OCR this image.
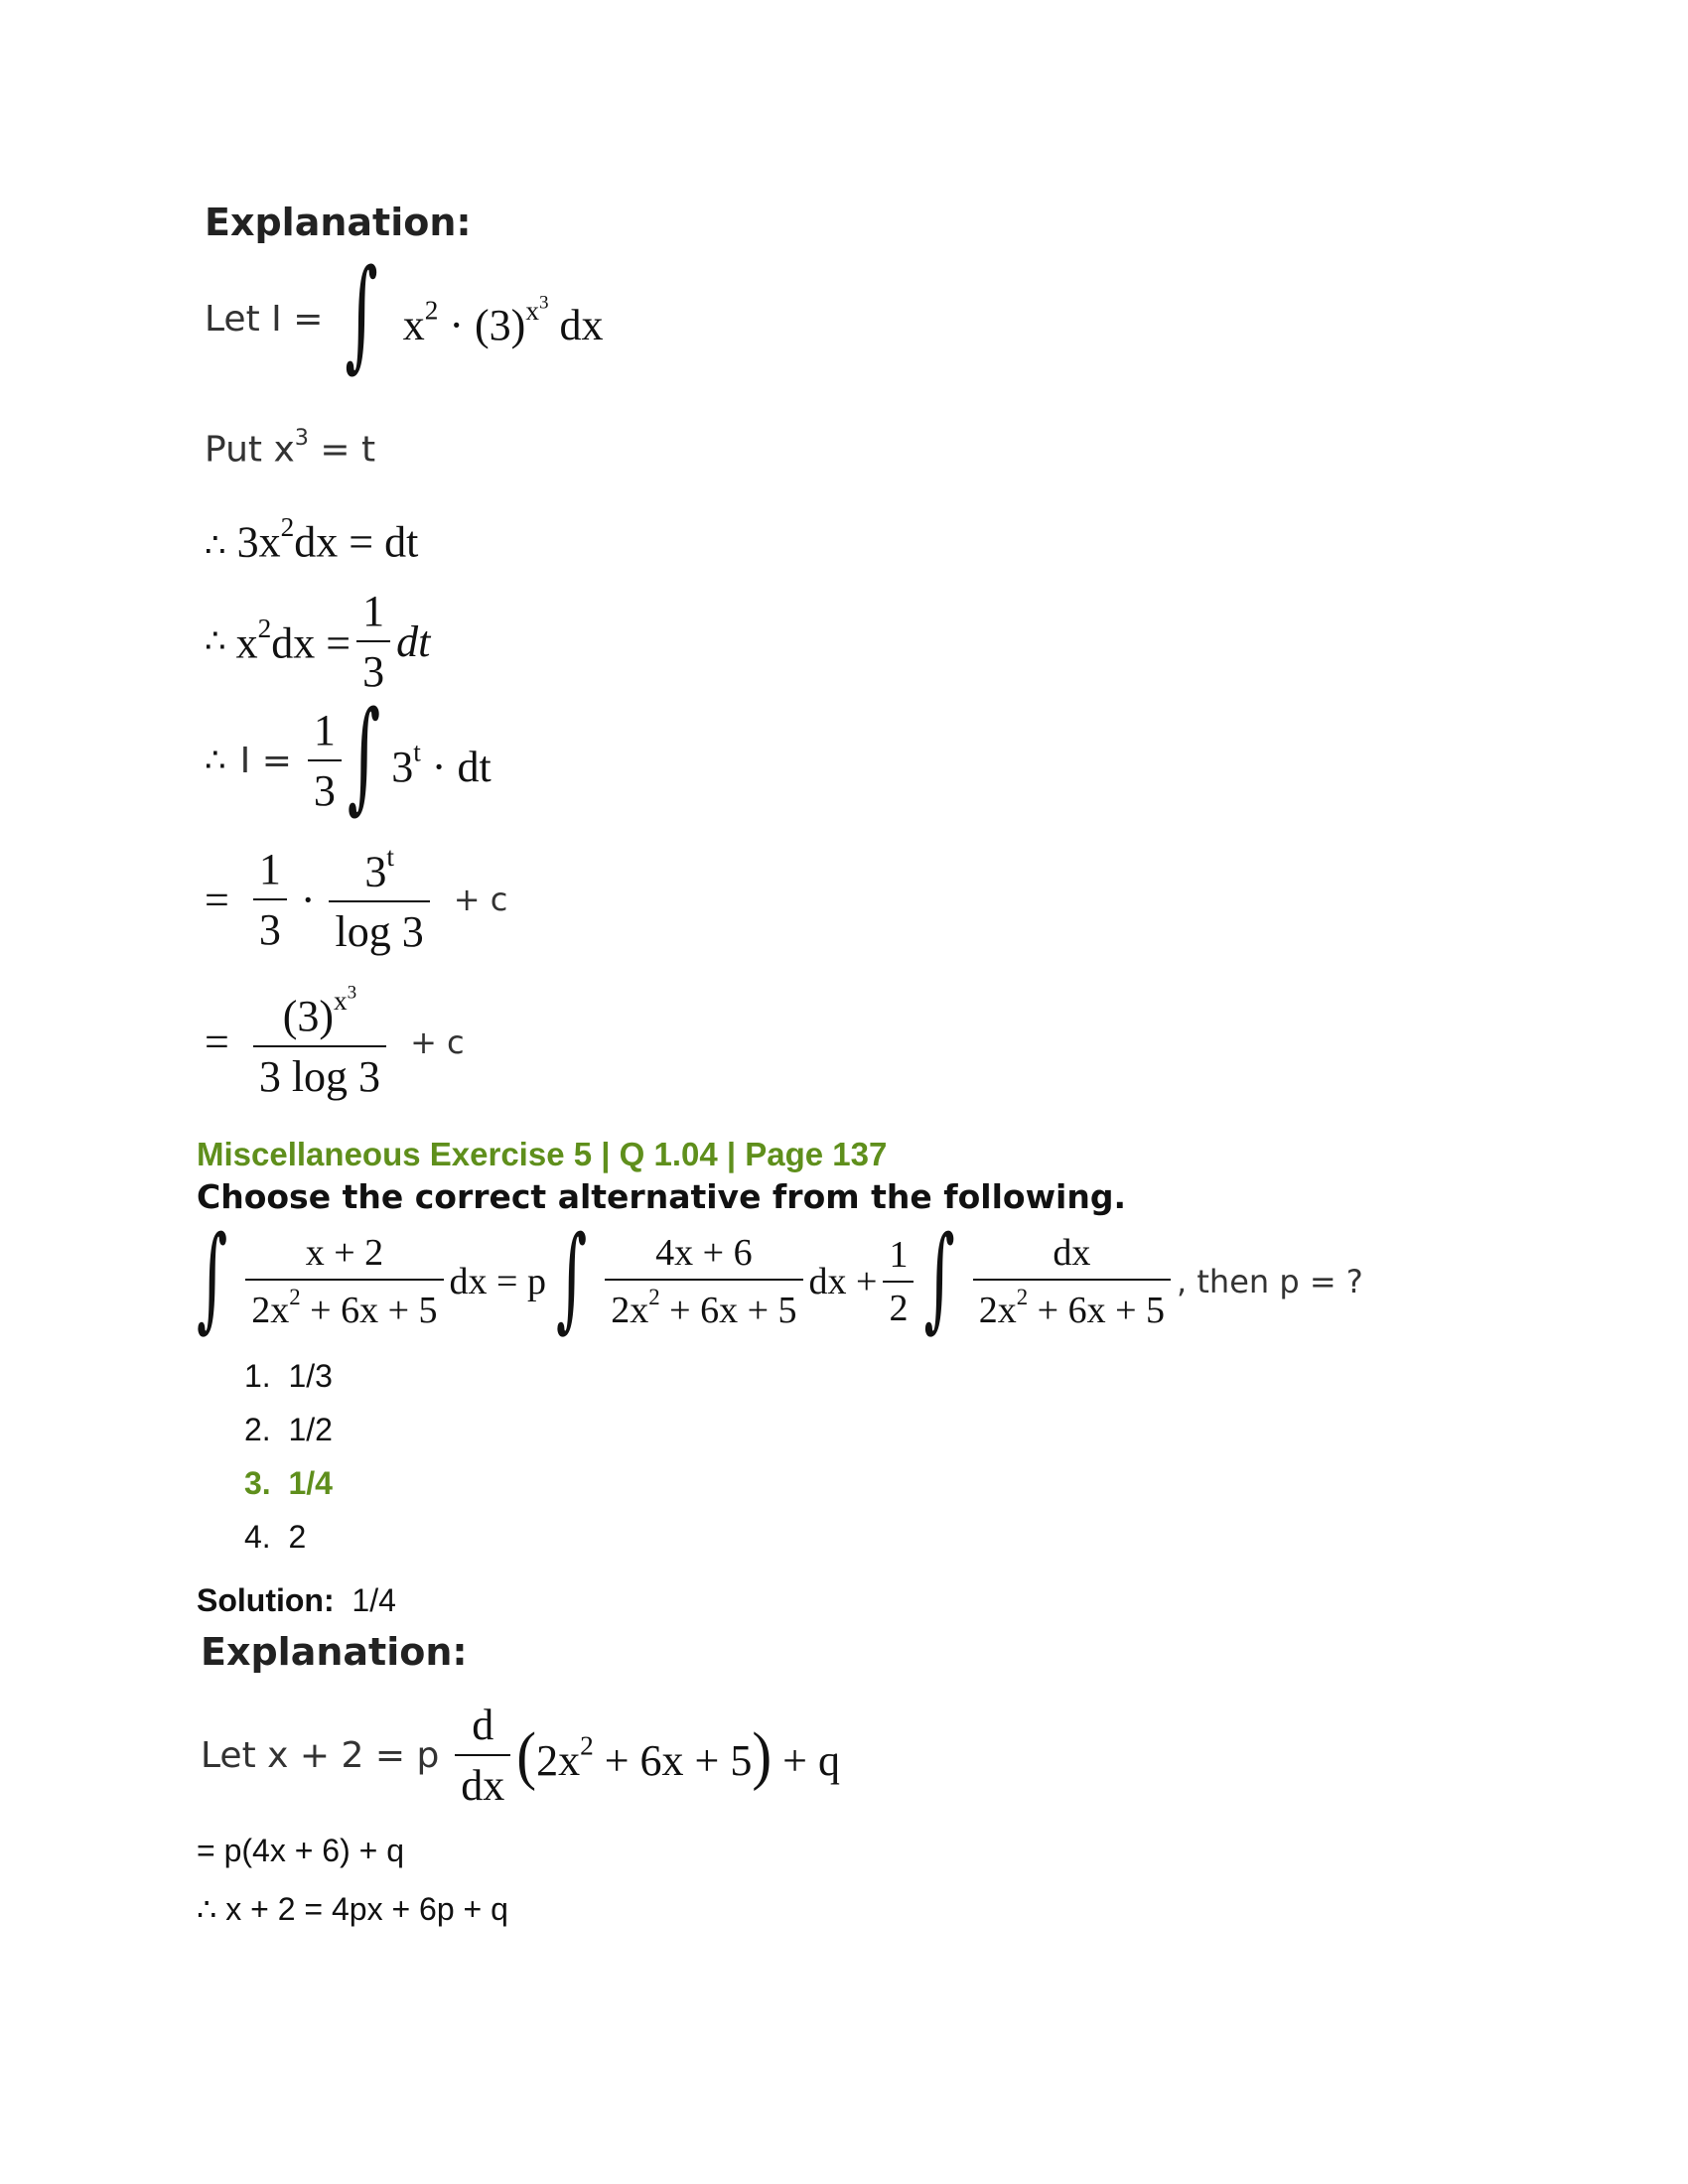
Explanation:
Let I = ∫ $x^2 \cdot (3)^{x^3}$ dx
Put $x^3 = t$
∴ $3x^2dx$ = dt
∴ $x^2dx = \frac{1}{3}$ dt
∴ $I = \frac{1}{3}$ ∫ $3^t$ · dt
= $\frac{1}{3} \cdot \frac{3^t}{\log 3} + c$
= $\frac{(3)^{x^3}}{3 \log 3} + c$
Miscellaneous Exercise 5 | Q 1.04 | Page 137
Choose the correct alternative from the following.
∫ $\frac{x + 2}{2x^2 + 6x + 5}$ dx = p ∫ $\frac{4x + 6}{2x^2 + 6x + 5}$ dx + $\frac{1}{2}$ ∫ $\frac{dx}{2x^2 + 6x + 5}$ , then p = ?
1. 1/3
2. 1/2
3. 1/4
4. 2
Solution: 1/4
Explanation:
Let x + 2 = p $\frac{d}{dx} (2x^2 + 6x + 5) + q$
= p(4x + 6) + q
∴ x + 2 = 4px + 6p + q
